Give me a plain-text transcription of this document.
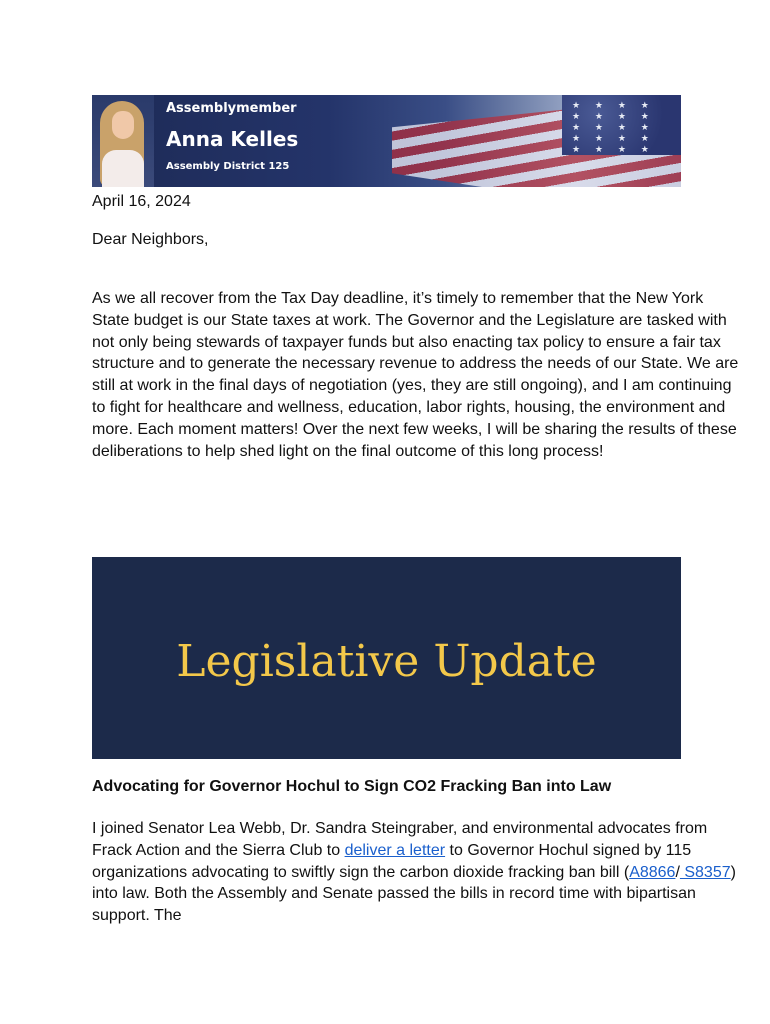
★ ★ ★ ★ ★ ★ ★ ★ ★ ★ ★ ★ ★ ★ ★ ★ ★ ★ ★ ★
Assemblymember
Anna Kelles
Assembly District 125
April 16, 2024
Dear Neighbors,

As we all recover from the Tax Day deadline, it’s timely to remember that the New York State budget is our State taxes at work. The Governor and the Legislature are tasked with not only being stewards of taxpayer funds but also enacting tax policy to ensure a fair tax structure and to generate the necessary revenue to address the needs of our State. We are still at work in the final days of negotiation (yes, they are still ongoing), and I am continuing to fight for healthcare and wellness, education, labor rights, housing, the environment and more. Each moment matters! Over the next few weeks, I will be sharing the results of these deliberations to help shed light on the final outcome of this long process!

Legislative Update
Advocating for Governor Hochul to Sign CO2 Fracking Ban into Law

I joined Senator Lea Webb, Dr. Sandra Steingraber, and environmental advocates from Frack Action and the Sierra Club to deliver a letter to Governor Hochul signed by 115 organizations advocating to swiftly sign the carbon dioxide fracking ban bill (A8866/ S8357) into law. Both the Assembly and Senate passed the bills in record time with bipartisan support. The
